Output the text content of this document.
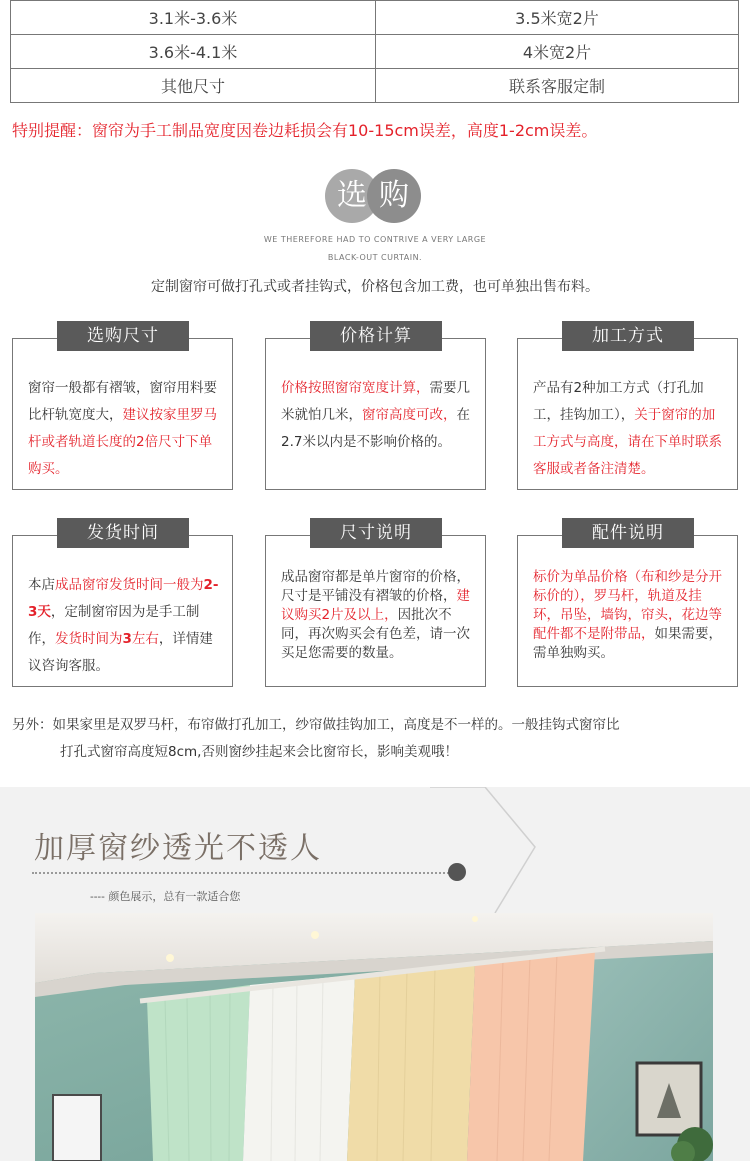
3.1米-3.6米	3.5米宽2片
3.6米-4.1米	4米宽2片
其他尺寸	联系客服定制
特别提醒：窗帘为手工制品宽度因卷边耗损会有10-15cm误差，高度1-2cm误差。
选 购
WE THEREFORE HAD TO CONTRIVE A VERY LARGE
BLACK-OUT CURTAIN.
定制窗帘可做打孔式或者挂钩式，价格包含加工费，也可单独出售布料。
选购尺寸
窗帘一般都有褶皱，窗帘用料要比杆轨宽度大，建议按家里罗马杆或者轨道长度的2倍尺寸下单购买。
价格计算
价格按照窗帘宽度计算，需要几米就怕几米，窗帘高度可改，在2.7米以内是不影响价格的。
加工方式
产品有2种加工方式（打孔加工，挂钩加工），关于窗帘的加工方式与高度，请在下单时联系客服或者备注清楚。
发货时间
本店成品窗帘发货时间一般为2-3天，定制窗帘因为是手工制作，发货时间为3左右，详情建议咨询客服。
尺寸说明
成品窗帘都是单片窗帘的价格，尺寸是平铺没有褶皱的价格，建议购买2片及以上，因批次不同，再次购买会有色差，请一次买足您需要的数量。
配件说明
标价为单品价格（布和纱是分开标价的），罗马杆，轨道及挂环，吊坠，墙钩，帘头，花边等配件都不是附带品，如果需要，需单独购买。
另外：如果家里是双罗马杆，布帘做打孔加工，纱帘做挂钩加工，高度是不一样的。一般挂钩式窗帘比
打孔式窗帘高度短8cm,否则窗纱挂起来会比窗帘长，影响美观哦！
加厚窗纱透光不透人
---- 颜色展示，总有一款适合您
